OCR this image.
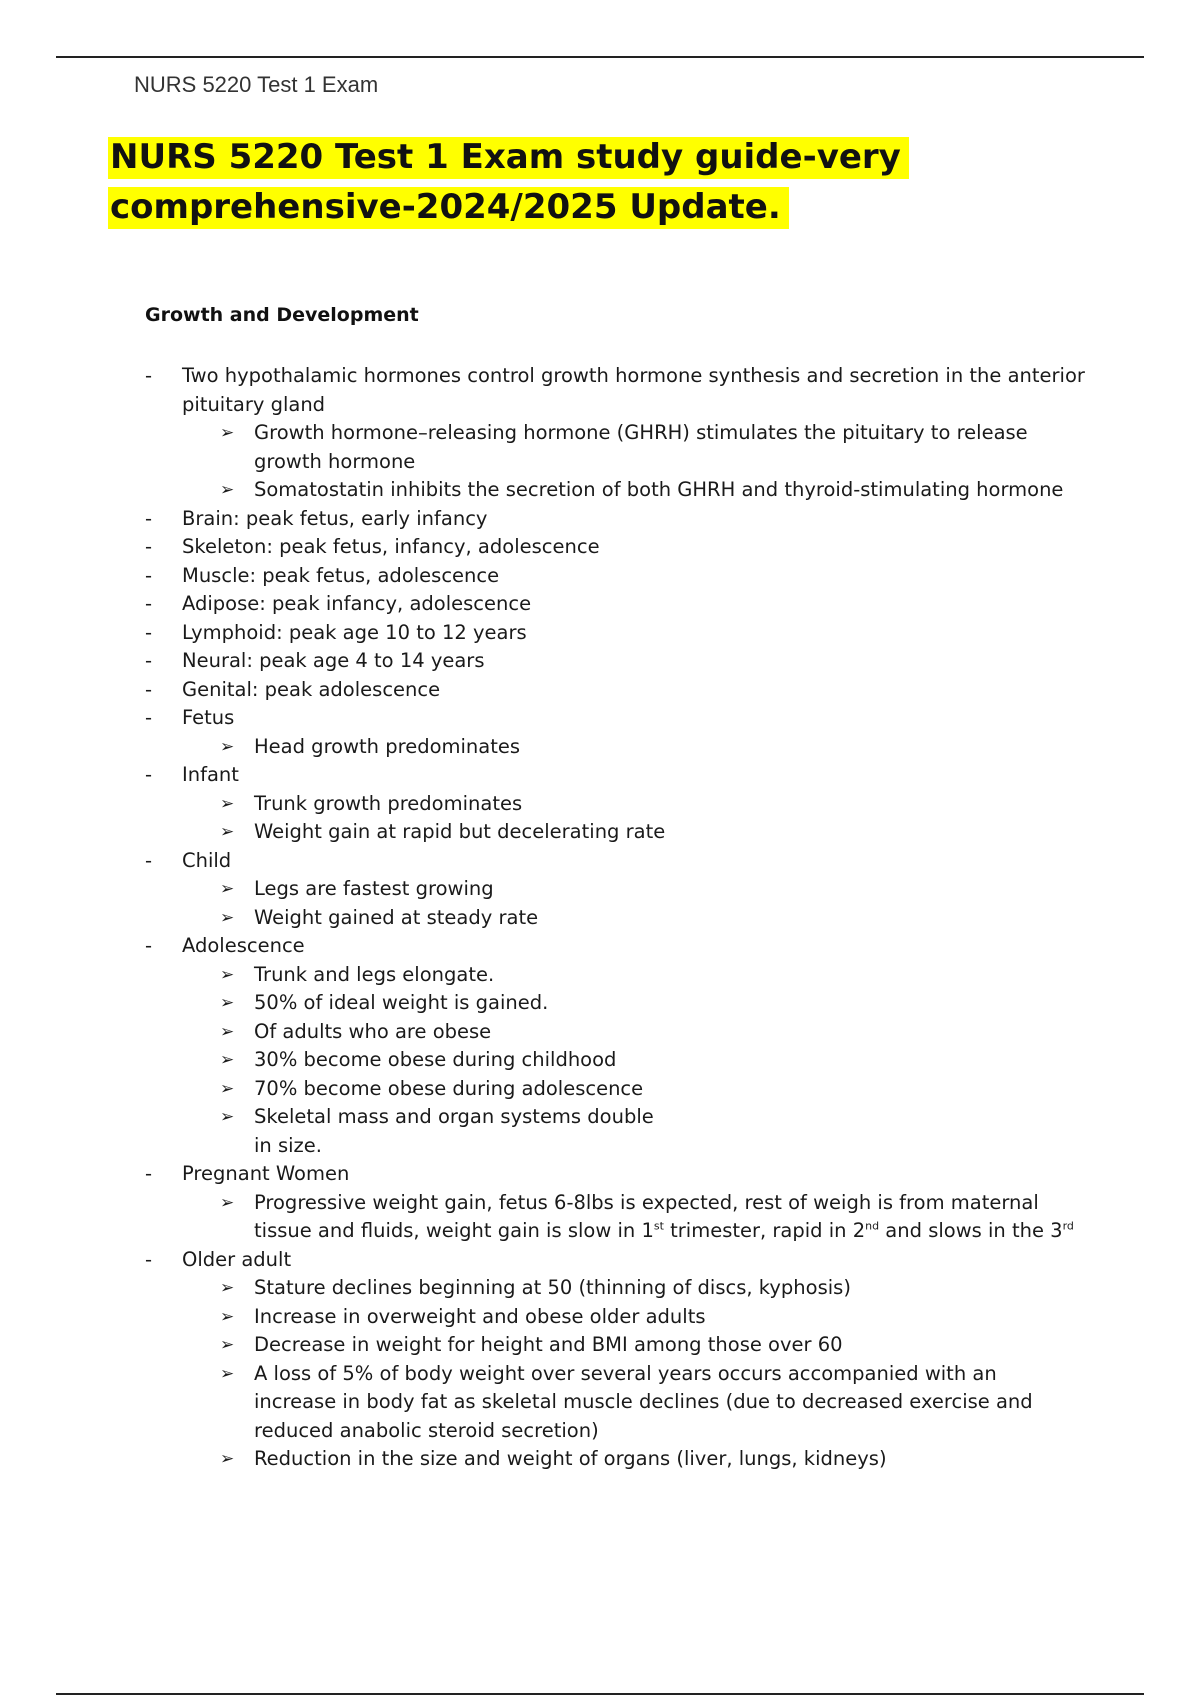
NURS 5220 Test 1 Exam
NURS 5220 Test 1 Exam study guide-very
comprehensive-2024/2025 Update.
Growth and Development
-	Two hypothalamic hormones control growth hormone synthesis and secretion in the anterior pituitary gland
➢ Growth hormone–releasing hormone (GHRH) stimulates the pituitary to release growth hormone
➢ Somatostatin inhibits the secretion of both GHRH and thyroid-stimulating hormone
-	Brain: peak fetus, early infancy
-	Skeleton: peak fetus, infancy, adolescence
-	Muscle: peak fetus, adolescence
-	Adipose: peak infancy, adolescence
-	Lymphoid: peak age 10 to 12 years
-	Neural: peak age 4 to 14 years
-	Genital: peak adolescence
-	Fetus
➢ Head growth predominates
-	Infant
➢ Trunk growth predominates
➢ Weight gain at rapid but decelerating rate
-	Child
➢ Legs are fastest growing
➢ Weight gained at steady rate
-	Adolescence
➢ Trunk and legs elongate.
➢ 50% of ideal weight is gained.
➢ Of adults who are obese
➢ 30% become obese during childhood
➢ 70% become obese during adolescence
➢ Skeletal mass and organ systems double
in size.
-	Pregnant Women
➢ Progressive weight gain, fetus 6-8lbs is expected, rest of weigh is from maternal tissue and fluids, weight gain is slow in 1st trimester, rapid in 2nd and slows in the 3rd
-	Older adult
➢ Stature declines beginning at 50 (thinning of discs, kyphosis)
➢ Increase in overweight and obese older adults
➢ Decrease in weight for height and BMI among those over 60
➢ A loss of 5% of body weight over several years occurs accompanied with an increase in body fat as skeletal muscle declines (due to decreased exercise and reduced anabolic steroid secretion)
➢ Reduction in the size and weight of organs (liver, lungs, kidneys)
